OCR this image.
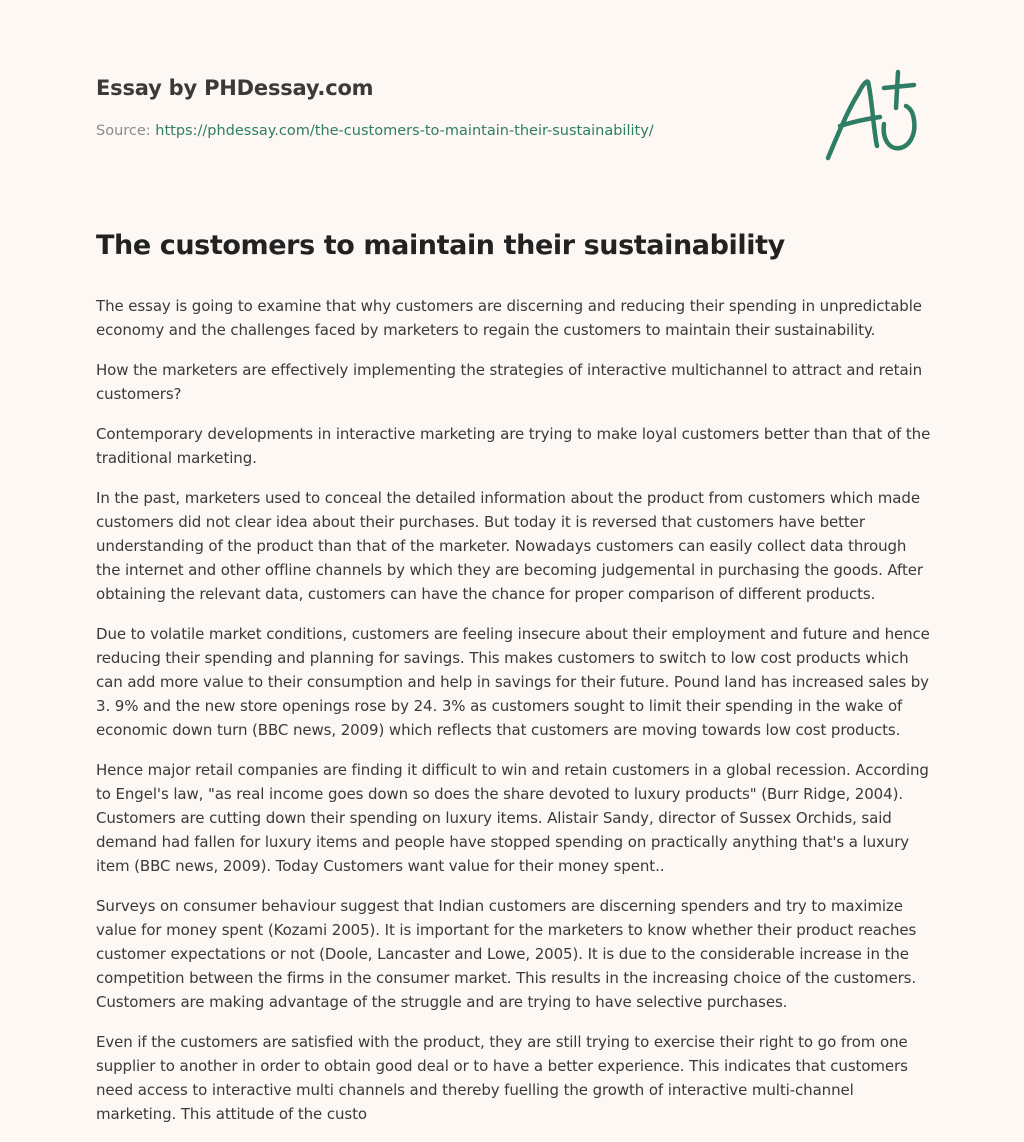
Essay by PHDessay.com
Source: https://phdessay.com/the-customers-to-maintain-their-sustainability/
The customers to maintain their sustainability

The essay is going to examine that why customers are discerning and reducing their spending in unpredictable economy and the challenges faced by marketers to regain the customers to maintain their sustainability.

How the marketers are effectively implementing the strategies of interactive multichannel to attract and retain customers?

Contemporary developments in interactive marketing are trying to make loyal customers better than that of the traditional marketing.

In the past, marketers used to conceal the detailed information about the product from customers which made customers did not clear idea about their purchases. But today it is reversed that customers have better understanding of the product than that of the marketer. Nowadays customers can easily collect data through the internet and other offline channels by which they are becoming judgemental in purchasing the goods. After obtaining the relevant data, customers can have the chance for proper comparison of different products.

Due to volatile market conditions, customers are feeling insecure about their employment and future and hence reducing their spending and planning for savings. This makes customers to switch to low cost products which can add more value to their consumption and help in savings for their future. Pound land has increased sales by 3. 9% and the new store openings rose by 24. 3% as customers sought to limit their spending in the wake of economic down turn (BBC news, 2009) which reflects that customers are moving towards low cost products.

Hence major retail companies are finding it difficult to win and retain customers in a global recession. According to Engel's law, "as real income goes down so does the share devoted to luxury products" (Burr Ridge, 2004). Customers are cutting down their spending on luxury items. Alistair Sandy, director of Sussex Orchids, said demand had fallen for luxury items and people have stopped spending on practically anything that's a luxury item (BBC news, 2009). Today Customers want value for their money spent..

Surveys on consumer behaviour suggest that Indian customers are discerning spenders and try to maximize value for money spent (Kozami 2005). It is important for the marketers to know whether their product reaches customer expectations or not (Doole, Lancaster and Lowe, 2005). It is due to the considerable increase in the competition between the firms in the consumer market. This results in the increasing choice of the customers. Customers are making advantage of the struggle and are trying to have selective purchases.

Even if the customers are satisfied with the product, they are still trying to exercise their right to go from one supplier to another in order to obtain good deal or to have a better experience. This indicates that customers need access to interactive multi channels and thereby fuelling the growth of interactive multi-channel marketing. This attitude of the custo
